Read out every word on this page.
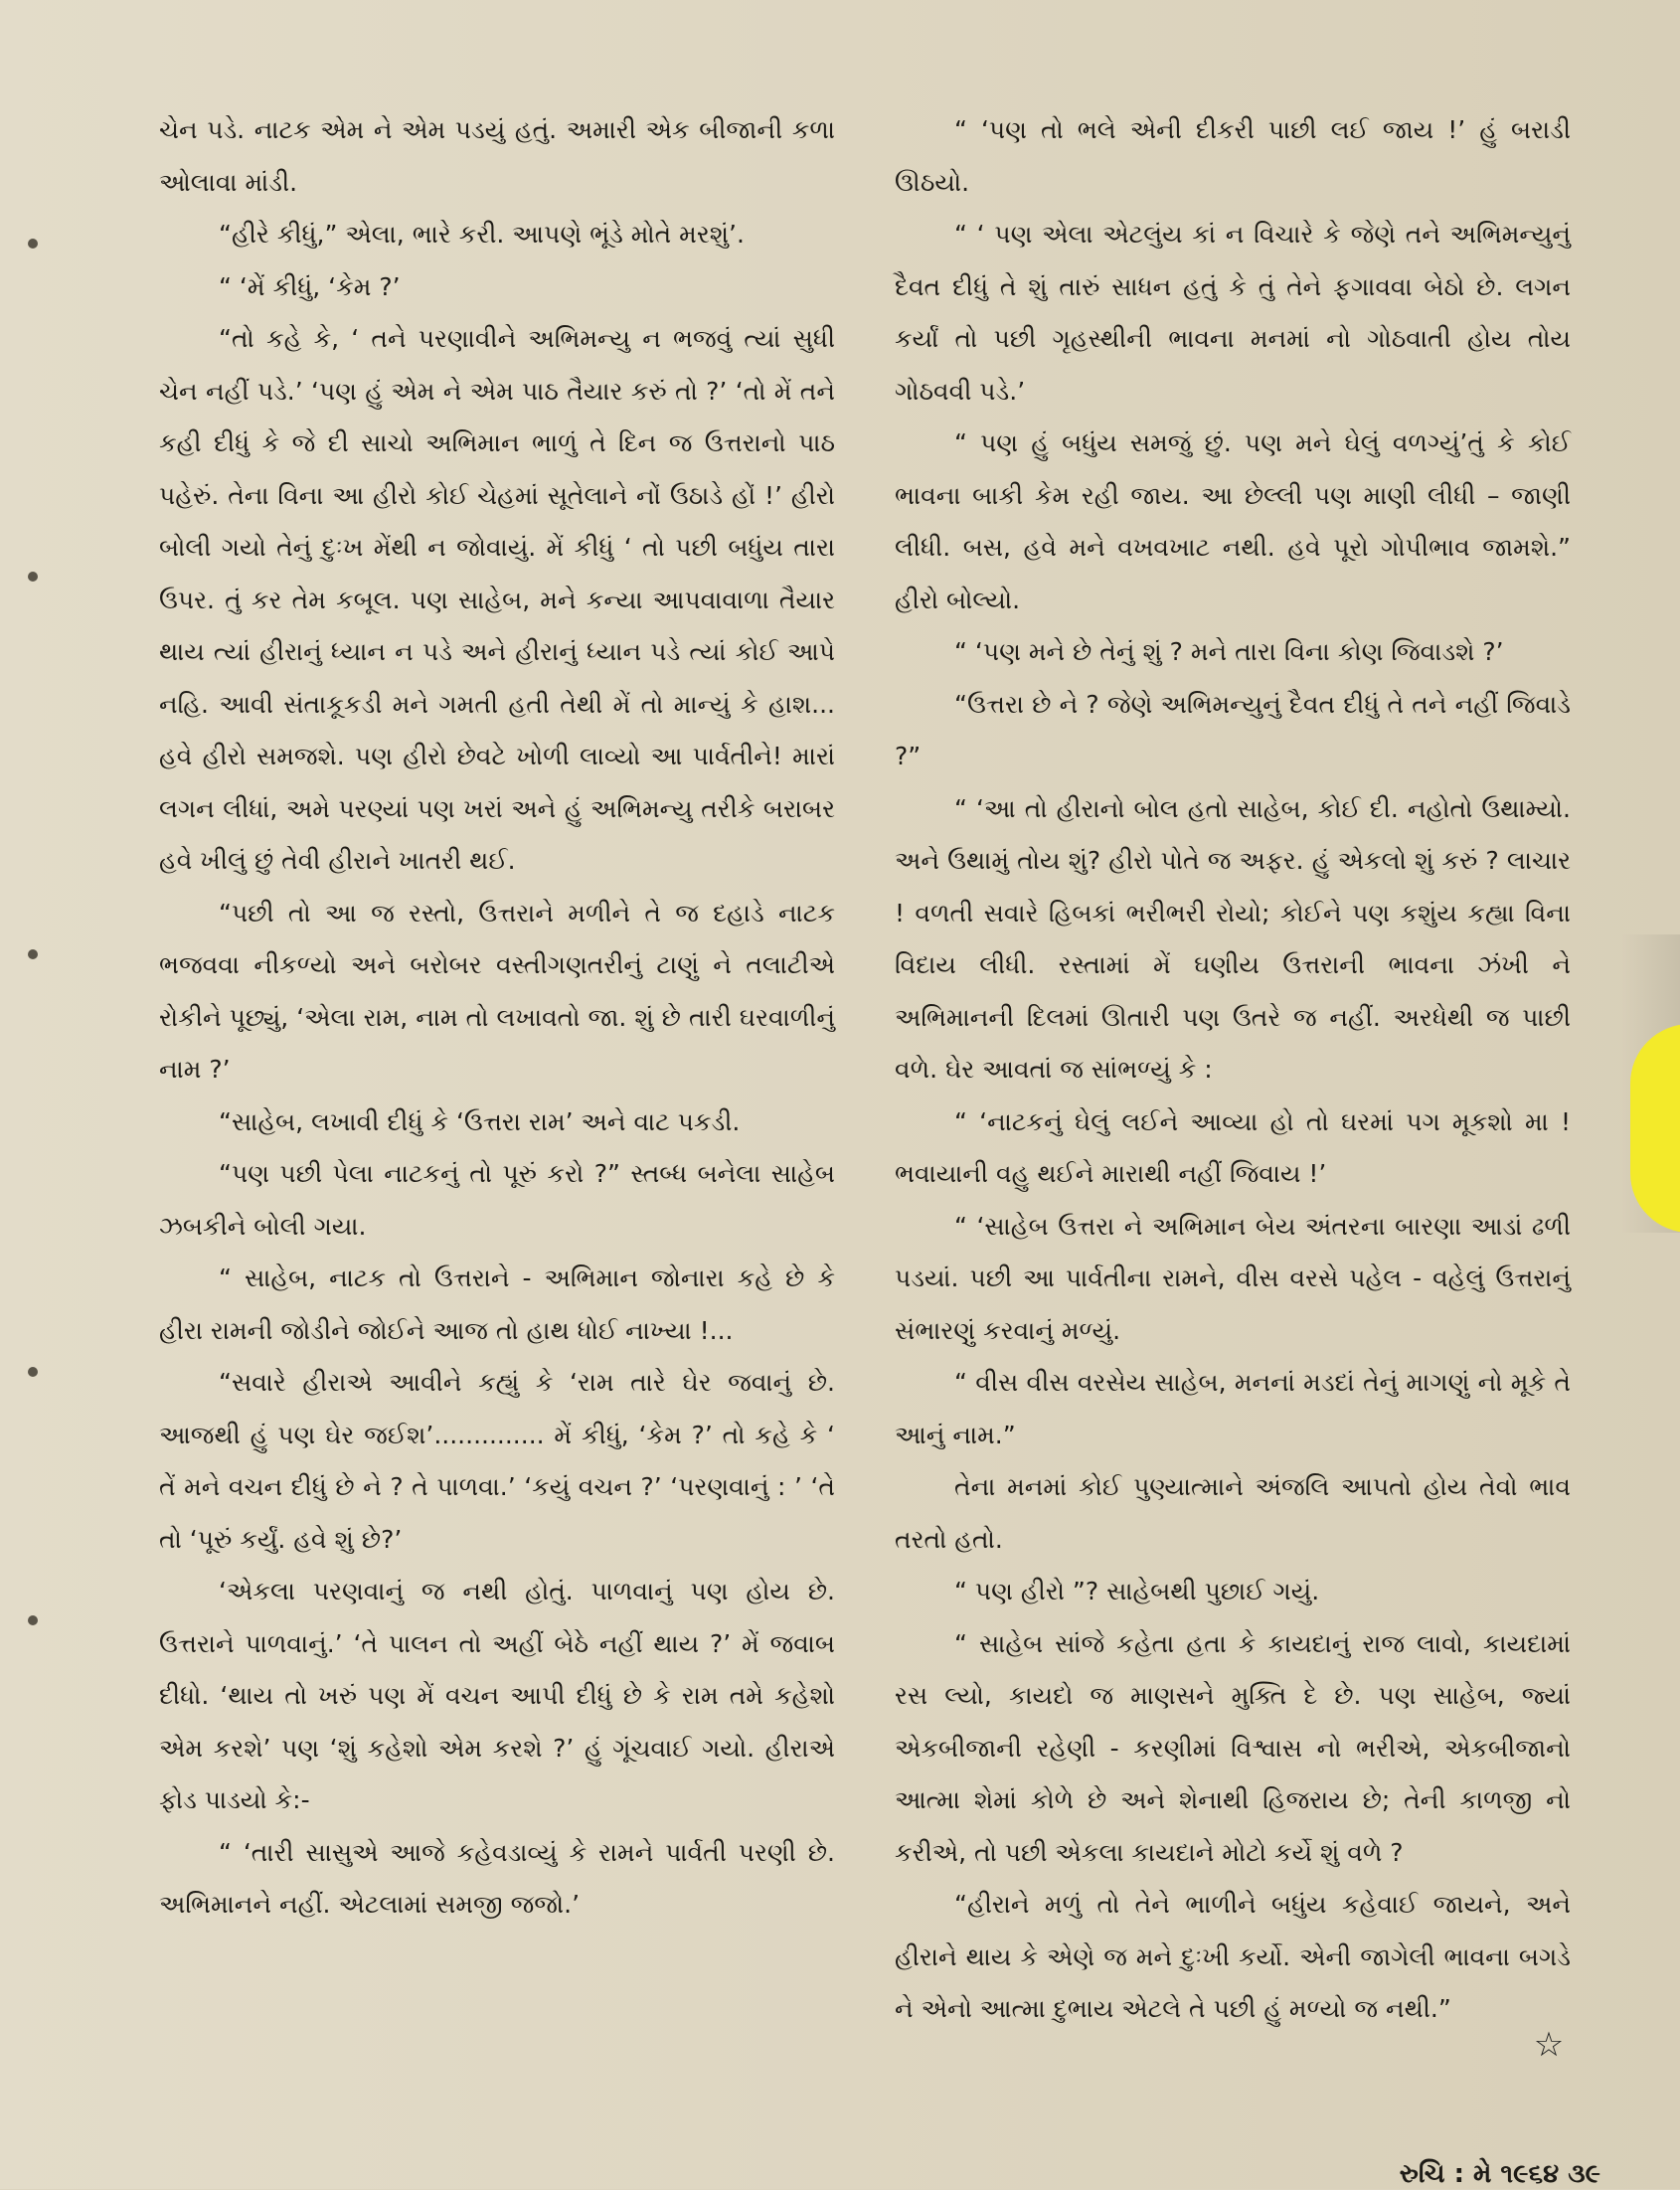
ચેન પડે. નાટક એમ ને એમ પડયું હતું. અમારી એક બીજાની કળા ઓલાવા માંડી.

“હીરે કીધું,” એલા, ભારે કરી. આપણે ભૂંડે મોતે મરશું’.

“ ‘મેં કીધું, ‘કેમ ?’

“તો કહે કે, ‘ તને પરણાવીને અભિમન્યુ ન ભજવું ત્યાં સુધી ચેન નહીં પડે.’ ‘પણ હું એમ ને એમ પાઠ તૈયાર કરું તો ?’ ‘તો મેં તને કહી દીધું કે જે દી સાચો અભિમાન ભાળું તે દિન જ ઉત્તરાનો પાઠ પહેરું. તેના વિના આ હીરો કોઈ ચેહમાં સૂતેલાને નોં ઉઠાડે હોં !’ હીરો બોલી ગયો તેનું દુઃખ મેંથી ન જોવાયું. મેં કીધું ‘ તો પછી બધુંય તારા ઉપર. તું કર તેમ કબૂલ. પણ સાહેબ, મને કન્યા આપવાવાળા તૈયાર થાય ત્યાં હીરાનું ધ્યાન ન પડે અને હીરાનું ધ્યાન પડે ત્યાં કોઈ આપે નહિ. આવી સંતાકૂકડી મને ગમતી હતી તેથી મેં તો માન્યું કે હાશ... હવે હીરો સમજશે. પણ હીરો છેવટે ખોળી લાવ્યો આ પાર્વતીને! મારાં લગન લીધાં, અમે પરણ્યાં પણ ખરાં અને હું અભિમન્યુ તરીકે બરાબર હવે ખીલું છું તેવી હીરાને ખાતરી થઈ.

“પછી તો આ જ રસ્તો, ઉત્તરાને મળીને તે જ દહાડે નાટક ભજવવા નીકળ્યો અને બરોબર વસ્તીગણતરીનું ટાણું ને તલાટીએ રોકીને પૂછ્યું, ‘એલા રામ, નામ તો લખાવતો જા. શું છે તારી ઘરવાળીનું નામ ?’

“સાહેબ, લખાવી દીધું કે ‘ઉત્તરા રામ’ અને વાટ પકડી.

“પણ પછી પેલા નાટકનું તો પૂરું કરો ?” સ્તબ્ધ બનેલા સાહેબ ઝબકીને બોલી ગયા.

“ સાહેબ, નાટક તો ઉત્તરાને - અભિમાન જોનારા કહે છે કે હીરા રામની જોડીને જોઈને આજ તો હાથ ધોઈ નાખ્યા !...

“સવારે હીરાએ આવીને કહ્યું કે ‘રામ તારે ઘેર જવાનું છે. આજથી હું પણ ઘેર જઈશ’.............. મેં કીધું, ‘કેમ ?’ તો કહે કે ‘ તેં મને વચન દીધું છે ને ? તે પાળવા.’ ‘કયું વચન ?’ ‘પરણવાનું : ’ ‘તે તો ‘પૂરું કર્યું. હવે શું છે?’

‘એકલા પરણવાનું જ નથી હોતું. પાળવાનું પણ હોય છે. ઉત્તરાને પાળવાનું.’ ‘તે પાલન તો અહીં બેઠે નહીં થાય ?’ મેં જવાબ દીધો. ‘થાય તો ખરું પણ મેં વચન આપી દીધું છે કે રામ તમે કહેશો એમ કરશે’ પણ ‘શું કહેશો એમ કરશે ?’ હું ગૂંચવાઈ ગયો. હીરાએ ફોડ પાડયો કે:-

“ ‘તારી સાસુએ આજે કહેવડાવ્યું કે રામને પાર્વતી પરણી છે. અભિમાનને નહીં. એટલામાં સમજી જજો.’

“ ‘પણ તો ભલે એની દીકરી પાછી લઈ જાય !’ હું બરાડી ઊઠયો.

“ ‘ પણ એલા એટલુંય કાં ન વિચારે કે જેણે તને અભિમન્યુનું દૈવત દીધું તે શું તારું સાધન હતું કે તું તેને ફગાવવા બેઠો છે. લગન કર્યાં તો પછી ગૃહસ્થીની ભાવના મનમાં નો ગોઠવાતી હોય તોય ગોઠવવી પડે.’

“ પણ હું બધુંય સમજું છું. પણ મને ઘેલું વળગ્યું’તું કે કોઈ ભાવના બાકી કેમ રહી જાય. આ છેલ્લી પણ માણી લીધી – જાણી લીધી. બસ, હવે મને વખવખાટ નથી. હવે પૂરો ગોપીભાવ જામશે.” હીરો બોલ્યો.

“ ‘પણ મને છે તેનું શું ? મને તારા વિના કોણ જિવાડશે ?’

“ઉત્તરા છે ને ? જેણે અભિમન્યુનું દૈવત દીધું તે તને નહીં જિવાડે ?”

“ ‘આ તો હીરાનો બોલ હતો સાહેબ, કોઈ દી. નહોતો ઉથામ્યો. અને ઉથામું તોય શું? હીરો પોતે જ અફર. હું એકલો શું કરું ? લાચાર ! વળતી સવારે હિબકાં ભરીભરી રોયો; કોઈને પણ કશુંય કહ્યા વિના વિદાય લીધી. રસ્તામાં મેં ઘણીય ઉત્તરાની ભાવના ઝંખી ને અભિમાનની દિલમાં ઊતારી પણ ઉતરે જ નહીં. અરધેથી જ પાછી વળે. ઘેર આવતાં જ સાંભળ્યું કે :

“ ‘નાટકનું ઘેલું લઈને આવ્યા હો તો ઘરમાં પગ મૂકશો મા ! ભવાયાની વહુ થઈને મારાથી નહીં જિવાય !’

“ ‘સાહેબ ઉત્તરા ને અભિમાન બેય અંતરના બારણા આડાં ઢળી પડયાં. પછી આ પાર્વતીના રામને, વીસ વરસે પહેલ - વહેલું ઉત્તરાનું સંભારણું કરવાનું મળ્યું.

“ વીસ વીસ વરસેય સાહેબ, મનનાં મડદાં તેનું માગણું નો મૂકે તે આનું નામ.”

તેના મનમાં કોઈ પુણ્યાત્માને અંજલિ આપતો હોય તેવો ભાવ તરતો હતો.

“ પણ હીરો ”? સાહેબથી પુછાઈ ગયું.

“ સાહેબ સાંજે કહેતા હતા કે કાયદાનું રાજ લાવો, કાયદામાં રસ લ્યો, કાયદો જ માણસને મુક્તિ દે છે. પણ સાહેબ, જ્યાં એકબીજાની રહેણી - કરણીમાં વિશ્વાસ નો ભરીએ, એકબીજાનો આત્મા શેમાં કોળે છે અને શેનાથી હિજરાય છે; તેની કાળજી નો કરીએ, તો પછી એકલા કાયદાને મોટો કર્યે શું વળે ?

“હીરાને મળું તો તેને ભાળીને બધુંય કહેવાઈ જાયને, અને હીરાને થાય કે એણે જ મને દુઃખી કર્યો. એની જાગેલી ભાવના બગડે ને એનો આત્મા દુભાય એટલે તે પછી હું મળ્યો જ નથી.”

☆
રુચિ : મે ૧૯૬૪ ૩૯
